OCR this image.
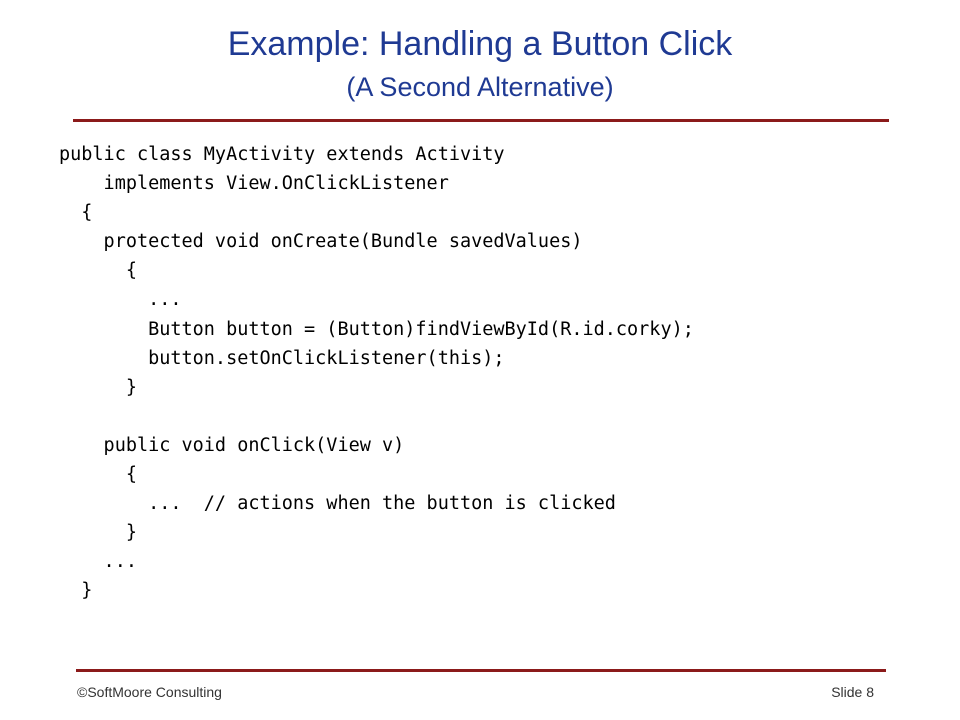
Example: Handling a Button Click
(A Second Alternative)
public class MyActivity extends Activity
implements View.OnClickListener
{
protected void onCreate(Bundle savedValues)
{
...
Button button = (Button)findViewById(R.id.corky);
button.setOnClickListener(this);
}
public void onClick(View v)
{
...  // actions when the button is clicked
}
...
}
©SoftMoore Consulting	Slide 8
